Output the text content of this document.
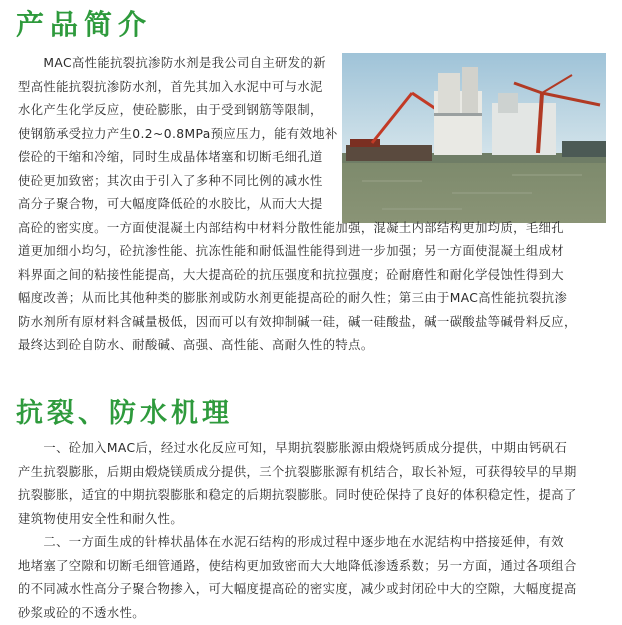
产品简介
　　MAC高性能抗裂抗渗防水剂是我公司自主研发的新
型高性能抗裂抗渗防水剂，首先其加入水泥中可与水泥
水化产生化学反应，使砼膨胀，由于受到钢筋等限制，
使钢筋承受拉力产生0.2~0.8MPa预应压力，能有效地补
偿砼的干缩和冷缩，同时生成晶体堵塞和切断毛细孔道
使砼更加致密；其次由于引入了多种不同比例的减水性
高分子聚合物，可大幅度降低砼的水胶比，从而大大提
高砼的密实度。一方面使混凝土内部结构中材料分散性能加强，混凝土内部结构更加均质，毛细孔
道更加细小均匀，砼抗渗性能、抗冻性能和耐低温性能得到进一步加强；另一方面使混凝土组成材
料界面之间的粘接性能提高，大大提高砼的抗压强度和抗拉强度；砼耐磨性和耐化学侵蚀性得到大
幅度改善；从而比其他种类的膨胀剂或防水剂更能提高砼的耐久性；第三由于MAC高性能抗裂抗渗
防水剂所有原材料含碱量极低，因而可以有效抑制碱一硅，碱一硅酸盐，碱一碳酸盐等碱骨料反应，
最终达到砼自防水、耐酸碱、高强、高性能、高耐久性的特点。
抗裂、防水机理
　　一、砼加入MAC后，经过水化反应可知，早期抗裂膨胀源由煅烧钙质成分提供，中期由钙矾石
产生抗裂膨胀，后期由煅烧镁质成分提供，三个抗裂膨胀源有机结合，取长补短，可获得较早的早期
抗裂膨胀，适宜的中期抗裂膨胀和稳定的后期抗裂膨胀。同时使砼保持了良好的体积稳定性，提高了
建筑物使用安全性和耐久性。
　　二、一方面生成的针棒状晶体在水泥石结构的形成过程中逐步地在水泥结构中搭接延伸，有效
地堵塞了空隙和切断毛细管通路，使结构更加致密而大大地降低渗透系数；另一方面，通过各项组合
的不同减水性高分子聚合物掺入，可大幅度提高砼的密实度，减少或封闭砼中大的空隙，大幅度提高
砂浆或砼的不透水性。
